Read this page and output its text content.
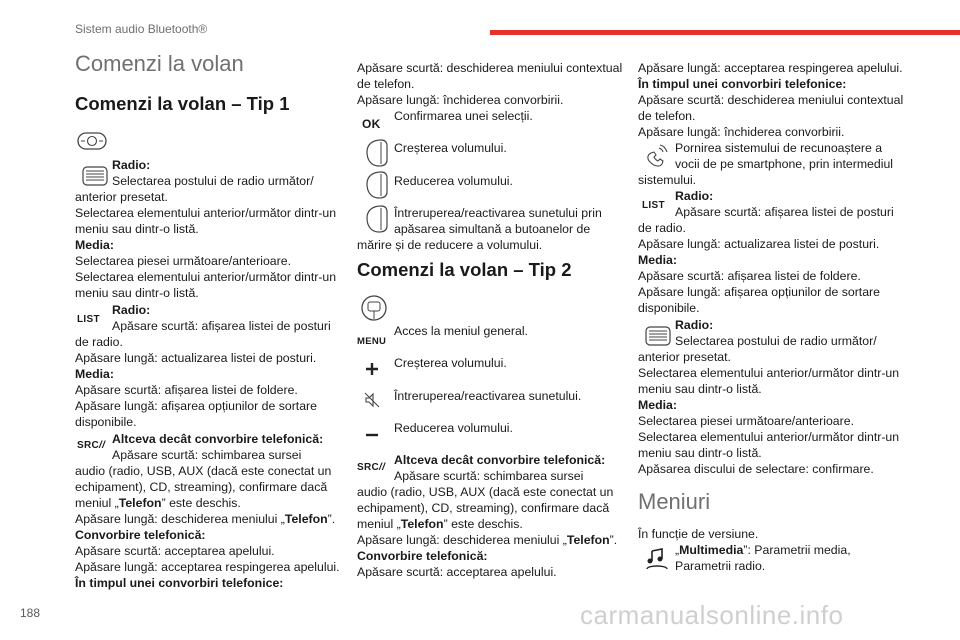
Sistem audio Bluetooth®
Comenzi la volan
Comenzi la volan – Tip 1
Radio:
Selectarea postului de radio următor/
anterior presetat.
Selectarea elementului anterior/următor dintr-un
meniu sau dintr-o listă.
Media:
Selectarea piesei următoare/anterioare.
Selectarea elementului anterior/următor dintr-un
meniu sau dintr-o listă.
LIST
Radio:
Apăsare scurtă: afișarea listei de posturi
de radio.
Apăsare lungă: actualizarea listei de posturi.
Media:
Apăsare scurtă: afișarea listei de foldere.
Apăsare lungă: afișarea opțiunilor de sortare
disponibile.
SRC// Altceva decât convorbire telefonică:
Apăsare scurtă: schimbarea sursei
audio (radio, USB, AUX (dacă este conectat un
echipament), CD, streaming), confirmare dacă
meniul „Telefon” este deschis.
Apăsare lungă: deschiderea meniului „Telefon”.
Convorbire telefonică:
Apăsare scurtă: acceptarea apelului.
Apăsare lungă: acceptarea respingerea apelului.
În timpul unei convorbiri telefonice:
Apăsare scurtă: deschiderea meniului contextual
de telefon.
Apăsare lungă: închiderea convorbirii.
OK
Confirmarea unei selecții.
Creșterea volumului.
Reducerea volumului.
Întreruperea/reactivarea sunetului prin
apăsarea simultană a butoanelor de
mărire și de reducere a volumului.
Comenzi la volan – Tip 2
MENU
Acces la meniul general.
Creșterea volumului.
Întreruperea/reactivarea sunetului.
Reducerea volumului.
SRC//
Altceva decât convorbire telefonică:
Apăsare scurtă: schimbarea sursei
audio (radio, USB, AUX (dacă este conectat un
echipament), CD, streaming), confirmare dacă
meniul „Telefon” este deschis.
Apăsare lungă: deschiderea meniului „Telefon”.
Convorbire telefonică:
Apăsare scurtă: acceptarea apelului.
Apăsare lungă: acceptarea respingerea apelului.
În timpul unei convorbiri telefonice:
Apăsare scurtă: deschiderea meniului contextual
de telefon.
Apăsare lungă: închiderea convorbirii.
Pornirea sistemului de recunoaștere a
vocii de pe smartphone, prin intermediul
sistemului.
LIST
Radio:
Apăsare scurtă: afișarea listei de posturi
de radio.
Apăsare lungă: actualizarea listei de posturi.
Media:
Apăsare scurtă: afișarea listei de foldere.
Apăsare lungă: afișarea opțiunilor de sortare
disponibile.
Radio:
Selectarea postului de radio următor/
anterior presetat.
Selectarea elementului anterior/următor dintr-un
meniu sau dintr-o listă.
Media:
Selectarea piesei următoare/anterioare.
Selectarea elementului anterior/următor dintr-un
meniu sau dintr-o listă.
Apăsarea discului de selectare: confirmare.
Meniuri
În funcție de versiune.
„Multimedia”: Parametrii media,
Parametrii radio.
188	carmanualsonline.info
